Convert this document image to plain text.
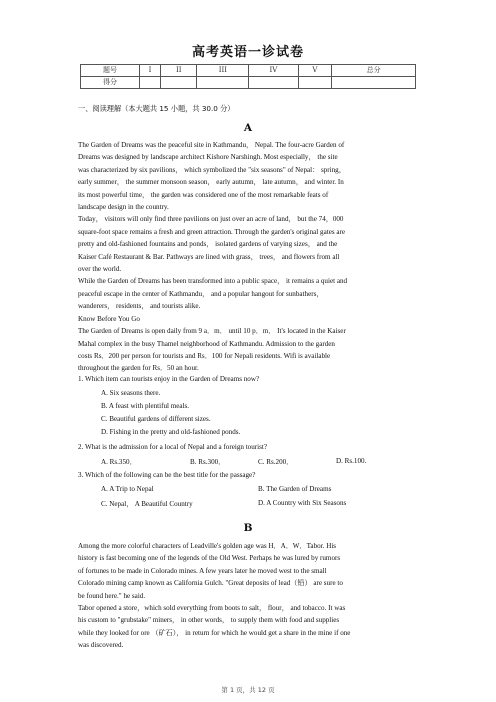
高考英语一诊试卷
题号	I	II	III	IV	V	总分
得分						
一、阅读理解（本大题共 15 小题，共 30.0 分）
A

The Garden of Dreams was the peaceful site in Kathmandu， Nepal. The four-acre Garden of

Dreams was designed by landscape architect Kishore Narshingh. Most especially， the site

was characterized by six pavilions， which symbolized the "six seasons" of Nepal： spring，

early summer， the summer monsoon season， early autumn， late autumn， and winter. In

its most powerful time， the garden was considered one of the most remarkable feats of

landscape design in the country.

Today， visitors will only find three pavilions on just over an acre of land， but the 74，000

square-foot space remains a fresh and green attraction. Through the garden's original gates are

pretty and old-fashioned fountains and ponds， isolated gardens of varying sizes， and the

Kaiser Café Restaurant & Bar. Pathways are lined with grass， trees， and flowers from all

over the world.

While the Garden of Dreams has been transformed into a public space， it remains a quiet and

peaceful escape in the center of Kathmandu， and a popular hangout for sunbathers，

wanderers， residents， and tourists alike.

Know Before You Go

The Garden of Dreams is open daily from 9 a．m． until 10 p．m． It's located in the Kaiser

Mahal complex in the busy Thamel neighborhood of Kathmandu. Admission to the garden

costs Rs．200 per person for tourists and Rs．100 for Nepali residents. Wifi is available

throughout the garden for Rs．50 an hour.

1. Which item can tourists enjoy in the Garden of Dreams now?
A. Six seasons there.
B. A feast with plentiful meals.
C. Beautiful gardens of different sizes.
D. Fishing in the pretty and old-fashioned ponds.
2. What is the admission for a local of Nepal and a foreign tourist?
A. Rs.350．	B. Rs.300．	C. Rs.200．	D. Rs.100.
3. Which of the following can be the best title for the passage?
A. A Trip to Nepal	B. The Garden of Dreams
C. Nepal， A Beautiful Country	D. A Country with Six Seasons
B

Among the more colorful characters of Leadville's golden age was H．A．W．Tabor. His

history is fast becoming one of the legends of the Old West. Perhaps he was lured by rumors

of fortunes to be made in Colorado mines. A few years later he moved west to the small

Colorado mining camp known as California Gulch. "Great deposits of lead（铅） are sure to

be found here." he said.

Tabor opened a store，which sold everything from boots to salt， flour， and tobacco. It was

his custom to "grubstake" miners， in other words， to supply them with food and supplies

while they looked for ore （矿石）， in return for which he would get a share in the mine if one

was discovered.

第 1 页，共 12 页
